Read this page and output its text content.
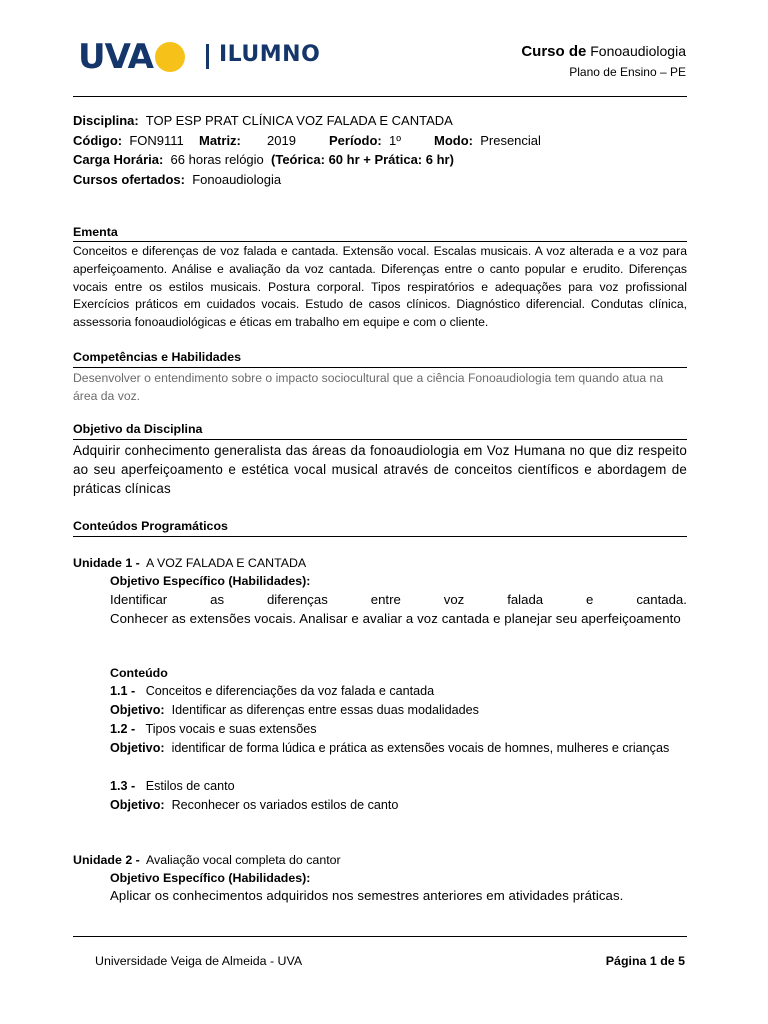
UVA	ILUMNO	Curso de Fonoaudiologia
Plano de Ensino – PE
Disciplina: TOP ESP PRAT CLÍNICA VOZ FALADA E CANTADA
Código: FON9111 Matriz: 2019	Período: 1º	Modo: Presencial
Carga Horária: 66 horas relógio (Teórica: 60 hr + Prática: 6 hr)
Cursos ofertados: Fonoaudiologia
Ementa
Conceitos e diferenças de voz falada e cantada. Extensão vocal. Escalas musicais. A voz alterada e a voz para aperfeiçoamento. Análise e avaliação da voz cantada. Diferenças entre o canto popular e erudito. Diferenças vocais entre os estilos musicais. Postura corporal. Tipos respiratórios e adequações para voz profissional Exercícios práticos em cuidados vocais. Estudo de casos clínicos. Diagnóstico diferencial. Condutas clínica, assessoria fonoaudiológicas e éticas em trabalho em equipe e com o cliente.
Competências e Habilidades
Desenvolver o entendimento sobre o impacto sociocultural que a ciência Fonoaudiologia tem quando atua na área da voz.
Objetivo da Disciplina
Adquirir conhecimento generalista das áreas da fonoaudiologia em Voz Humana no que diz respeito ao seu aperfeiçoamento e estética vocal musical através de conceitos científicos e abordagem de práticas clínicas
Conteúdos Programáticos
Unidade 1 - A VOZ FALADA E CANTADA
Objetivo Específico (Habilidades):
Identificar	as	diferenças	entre	voz	falada	e	cantada.
Conhecer as extensões vocais. Analisar e avaliar a voz cantada e planejar seu aperfeiçoamento
Conteúdo
1.1 - Conceitos e diferenciações da voz falada e cantada
Objetivo: Identificar as diferenças entre essas duas modalidades
1.2 - Tipos vocais e suas extensões
Objetivo: identificar de forma lúdica e prática as extensões vocais de homnes, mulheres e crianças
1.3 - Estilos de canto
Objetivo: Reconhecer os variados estilos de canto
Unidade 2 - Avaliação vocal completa do cantor
Objetivo Específico (Habilidades):
Aplicar os conhecimentos adquiridos nos semestres anteriores em atividades práticas.
Universidade Veiga de Almeida - UVA	Página 1 de 5
